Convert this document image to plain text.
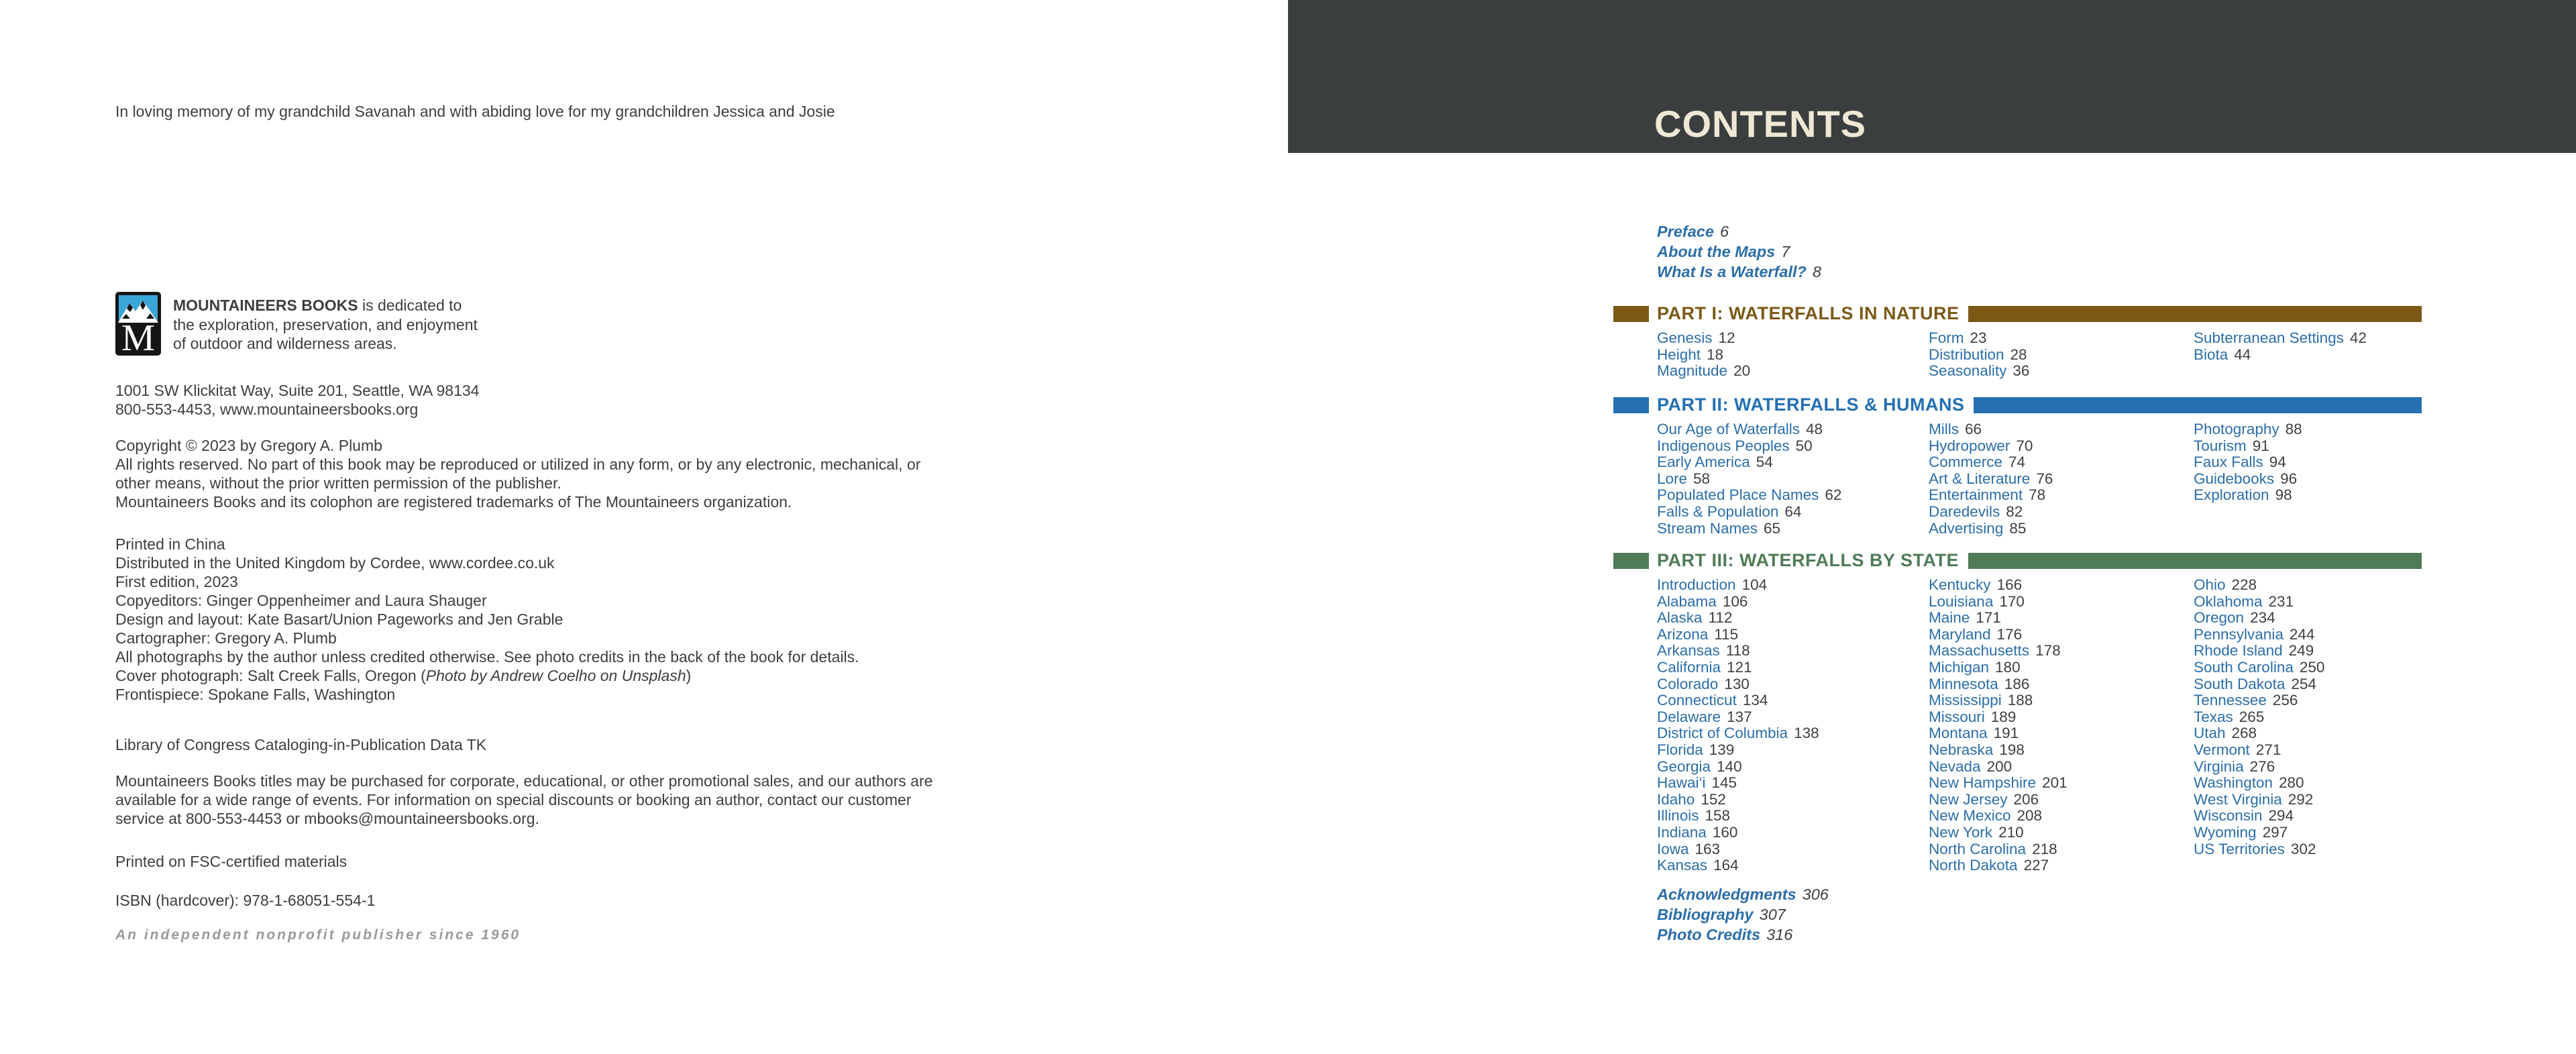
In loving memory of my grandchild Savanah and with abiding love for my grandchildren Jessica and Josie
M
MOUNTAINEERS BOOKS is dedicated to
the exploration, preservation, and enjoyment
of outdoor and wilderness areas.
1001 SW Klickitat Way, Suite 201, Seattle, WA 98134
800-553-4453, www.mountaineersbooks.org
Copyright © 2023 by Gregory A. Plumb
All rights reserved. No part of this book may be reproduced or utilized in any form, or by any electronic, mechanical, or
other means, without the prior written permission of the publisher.
Mountaineers Books and its colophon are registered trademarks of The Mountaineers organization.
Printed in China
Distributed in the United Kingdom by Cordee, www.cordee.co.uk
First edition, 2023
Copyeditors: Ginger Oppenheimer and Laura Shauger
Design and layout: Kate Basart/Union Pageworks and Jen Grable
Cartographer: Gregory A. Plumb
All photographs by the author unless credited otherwise. See photo credits in the back of the book for details.
Cover photograph: Salt Creek Falls, Oregon (Photo by Andrew Coelho on Unsplash)
Frontispiece: Spokane Falls, Washington
Library of Congress Cataloging-in-Publication Data TK
Mountaineers Books titles may be purchased for corporate, educational, or other promotional sales, and our authors are
available for a wide range of events. For information on special discounts or booking an author, contact our customer
service at 800-553-4453 or mbooks@mountaineersbooks.org.
Printed on FSC-certified materials
ISBN (hardcover): 978-1-68051-554-1
An independent nonprofit publisher since 1960
CONTENTS
Preface 6
About the Maps 7
What Is a Waterfall? 8
PART I: WATERFALLS IN NATURE
Genesis 12
Height 18
Magnitude 20
Form 23
Distribution 28
Seasonality 36
Subterranean Settings 42
Biota 44
PART II: WATERFALLS & HUMANS
Our Age of Waterfalls 48
Indigenous Peoples 50
Early America 54
Lore 58
Populated Place Names 62
Falls & Population 64
Stream Names 65
Mills 66
Hydropower 70
Commerce 74
Art & Literature 76
Entertainment 78
Daredevils 82
Advertising 85
Photography 88
Tourism 91
Faux Falls 94
Guidebooks 96
Exploration 98
PART III: WATERFALLS BY STATE
Introduction 104
Alabama 106
Alaska 112
Arizona 115
Arkansas 118
California 121
Colorado 130
Connecticut 134
Delaware 137
District of Columbia 138
Florida 139
Georgia 140
Hawai‘i 145
Idaho 152
Illinois 158
Indiana 160
Iowa 163
Kansas 164
Kentucky 166
Louisiana 170
Maine 171
Maryland 176
Massachusetts 178
Michigan 180
Minnesota 186
Mississippi 188
Missouri 189
Montana 191
Nebraska 198
Nevada 200
New Hampshire 201
New Jersey 206
New Mexico 208
New York 210
North Carolina 218
North Dakota 227
Ohio 228
Oklahoma 231
Oregon 234
Pennsylvania 244
Rhode Island 249
South Carolina 250
South Dakota 254
Tennessee 256
Texas 265
Utah 268
Vermont 271
Virginia 276
Washington 280
West Virginia 292
Wisconsin 294
Wyoming 297
US Territories 302
Acknowledgments 306
Bibliography 307
Photo Credits 316
